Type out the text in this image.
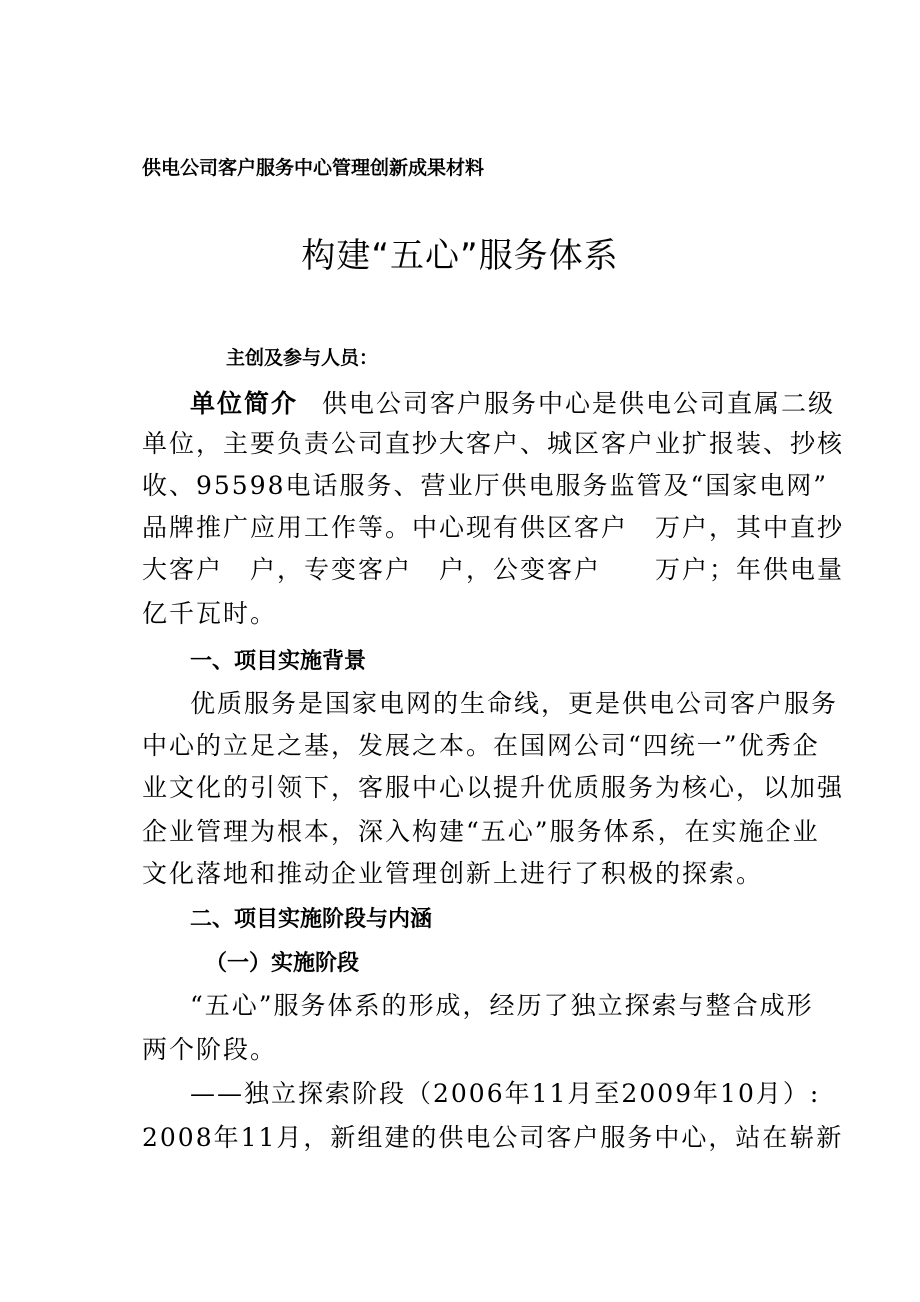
供电公司客户服务中心管理创新成果材料
构建“五心”服务体系
主创及参与人员：
单位简介 供电公司客户服务中心是供电公司直属二级
单位，主要负责公司直抄大客户、城区客户业扩报装、抄核
收、95598电话服务、营业厅供电服务监管及“国家电网”
品牌推广应用工作等。中心现有供区客户　万户，其中直抄
大客户　户，专变客户　户，公变客户　　万户；年供电量
亿千瓦时。
一、项目实施背景
优质服务是国家电网的生命线，更是供电公司客户服务
中心的立足之基，发展之本。在国网公司“四统一”优秀企
业文化的引领下，客服中心以提升优质服务为核心，以加强
企业管理为根本，深入构建“五心”服务体系，在实施企业
文化落地和推动企业管理创新上进行了积极的探索。
二、项目实施阶段与内涵
（一）实施阶段
“五心”服务体系的形成，经历了独立探索与整合成形
两个阶段。
——独立探索阶段（2006年11月至2009年10月）:
2008年11月，新组建的供电公司客户服务中心，站在崭新
